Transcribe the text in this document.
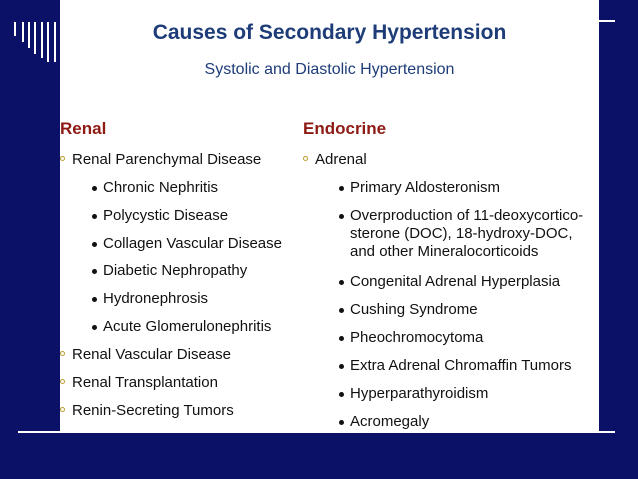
Causes of Secondary Hypertension
Systolic and Diastolic Hypertension
Renal
Renal Parenchymal Disease
Chronic Nephritis
Polycystic Disease
Collagen Vascular Disease
Diabetic Nephropathy
Hydronephrosis
Acute Glomerulonephritis
Renal Vascular Disease
Renal Transplantation
Renin-Secreting Tumors
Endocrine
Adrenal
Primary Aldosteronism
Overproduction of 11-deoxycortico-
sterone (DOC), 18-hydroxy-DOC,
and other Mineralocorticoids
Congenital Adrenal Hyperplasia
Cushing Syndrome
Pheochromocytoma
Extra Adrenal Chromaffin Tumors
Hyperparathyroidism
Acromegaly
